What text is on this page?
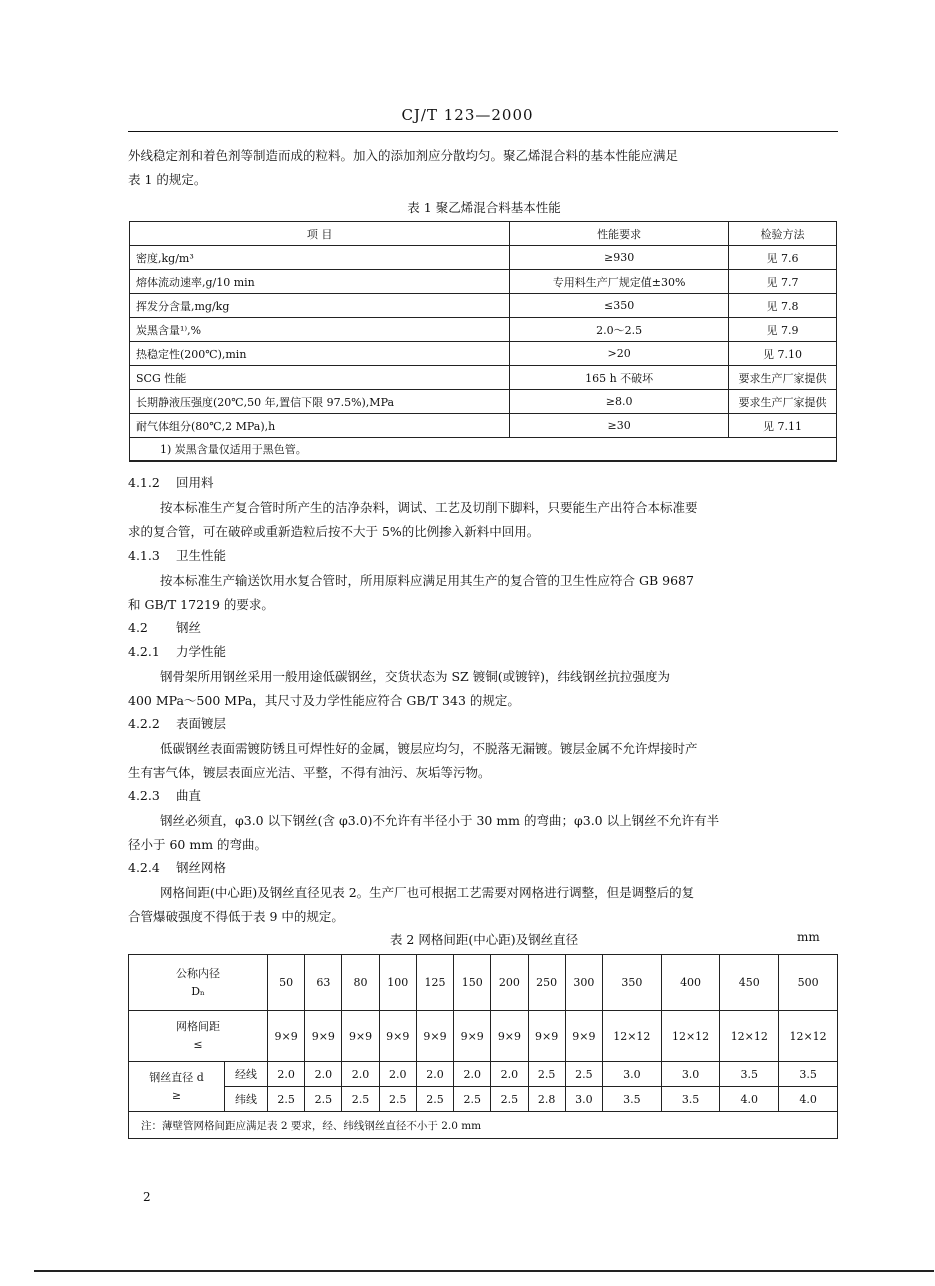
CJ/T 123—2000
外线稳定剂和着色剂等制造而成的粒料。加入的添加剂应分散均匀。聚乙烯混合料的基本性能应满足
表 1 的规定。
表 1 聚乙烯混合料基本性能
项 目	性能要求	检验方法
密度,kg/m³	≥930	见 7.6
熔体流动速率,g/10 min	专用料生产厂规定值±30%	见 7.7
挥发分含量,mg/kg	≤350	见 7.8
炭黑含量¹⁾,%	2.0～2.5	见 7.9
热稳定性(200℃),min	>20	见 7.10
SCG 性能	165 h 不破坏	要求生产厂家提供
长期静液压强度(20℃,50 年,置信下限 97.5%),MPa	≥8.0	要求生产厂家提供
耐气体组分(80℃,2 MPa),h	≥30	见 7.11
1) 炭黑含量仅适用于黑色管。		
4.1.2 回用料
按本标准生产复合管时所产生的洁净杂料，调试、工艺及切削下脚料，只要能生产出符合本标准要
求的复合管，可在破碎或重新造粒后按不大于 5%的比例掺入新料中回用。
4.1.3 卫生性能
按本标准生产输送饮用水复合管时，所用原料应满足用其生产的复合管的卫生性应符合 GB 9687
和 GB/T 17219 的要求。
4.2 钢丝
4.2.1 力学性能
钢骨架所用钢丝采用一般用途低碳钢丝，交货状态为 SZ 镀铜(或镀锌)，纬线钢丝抗拉强度为
400 MPa～500 MPa，其尺寸及力学性能应符合 GB/T 343 的规定。
4.2.2 表面镀层
低碳钢丝表面需镀防锈且可焊性好的金属，镀层应均匀，不脱落无漏镀。镀层金属不允许焊接时产
生有害气体，镀层表面应光洁、平整，不得有油污、灰垢等污物。
4.2.3 曲直
钢丝必须直，φ3.0 以下钢丝(含 φ3.0)不允许有半径小于 30 mm 的弯曲；φ3.0 以上钢丝不允许有半
径小于 60 mm 的弯曲。
4.2.4 钢丝网格
网格间距(中心距)及钢丝直径见表 2。生产厂也可根据工艺需要对网格进行调整，但是调整后的复
合管爆破强度不得低于表 9 中的规定。
表 2 网格间距(中心距)及钢丝直径	mm
公称内径
Dₙ		50	63	80	100	125	150	200	250	300	350	400	450	500

网格间距
≤		9×9	9×9	9×9	9×9	9×9	9×9	9×9	9×9	9×9	12×12	12×12	12×12	12×12

钢丝直径 d
≥	经线	2.0	2.0	2.0	2.0	2.0	2.0	2.0	2.5	2.5	3.0	3.0	3.5	3.5
	纬线	2.5	2.5	2.5	2.5	2.5	2.5	2.5	2.8	3.0	3.5	3.5	4.0	4.0
注：薄壁管网格间距应满足表 2 要求，经、纬线钢丝直径不小于 2.0 mm														
2
